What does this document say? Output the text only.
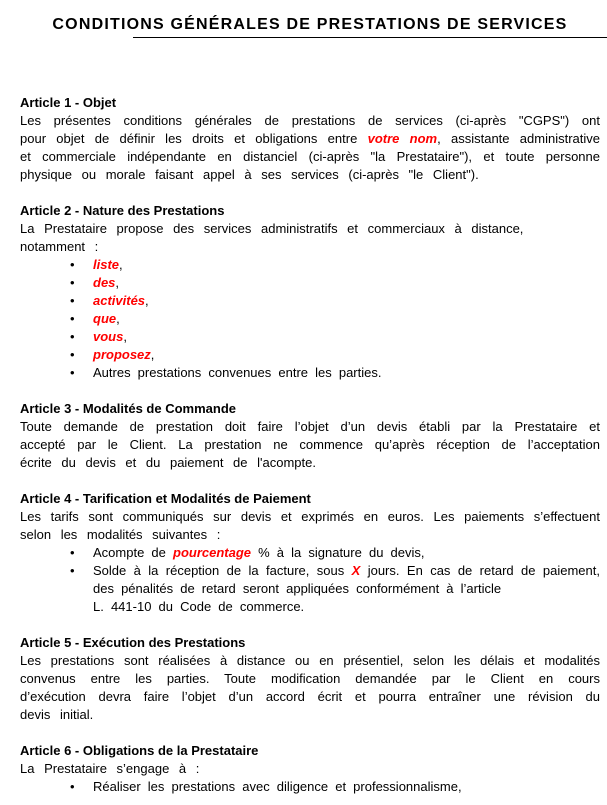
CONDITIONS GÉNÉRALES DE PRESTATIONS DE SERVICES
Article 1 - Objet

Les présentes conditions générales de prestations de services (ci-après "CGPS") ont pour objet de définir les droits et obligations entre votre nom, assistante administrative et commerciale indépendante en distanciel (ci-après "la Prestataire"), et toute personne physique ou morale faisant appel à ses services (ci-après "le Client").

Article 2 - Nature des Prestations

La Prestataire propose des services administratifs et commerciaux à distance,
notamment :

• liste,
• des,
• activités,
• que,
• vous,
• proposez,
• Autres prestations convenues entre les parties.
Article 3 - Modalités de Commande

Toute demande de prestation doit faire l’objet d’un devis établi par la Prestataire et accepté par le Client. La prestation ne commence qu’après réception de l’acceptation écrite du devis et du paiement de l'acompte.

Article 4 - Tarification et Modalités de Paiement

Les tarifs sont communiqués sur devis et exprimés en euros. Les paiements s’effectuent selon les modalités suivantes :

• Acompte de pourcentage % à la signature du devis,
• Solde à la réception de la facture, sous X jours. En cas de retard de paiement, des pénalités de retard seront appliquées conformément à l’article
L. 441-10 du Code de commerce.
Article 5 - Exécution des Prestations

Les prestations sont réalisées à distance ou en présentiel, selon les délais et modalités convenus entre les parties. Toute modification demandée par le Client en cours d’exécution devra faire l’objet d’un accord écrit et pourra entraîner une révision du devis initial.

Article 6 - Obligations de la Prestataire

La Prestataire s’engage à :

• Réaliser les prestations avec diligence et professionnalisme,
